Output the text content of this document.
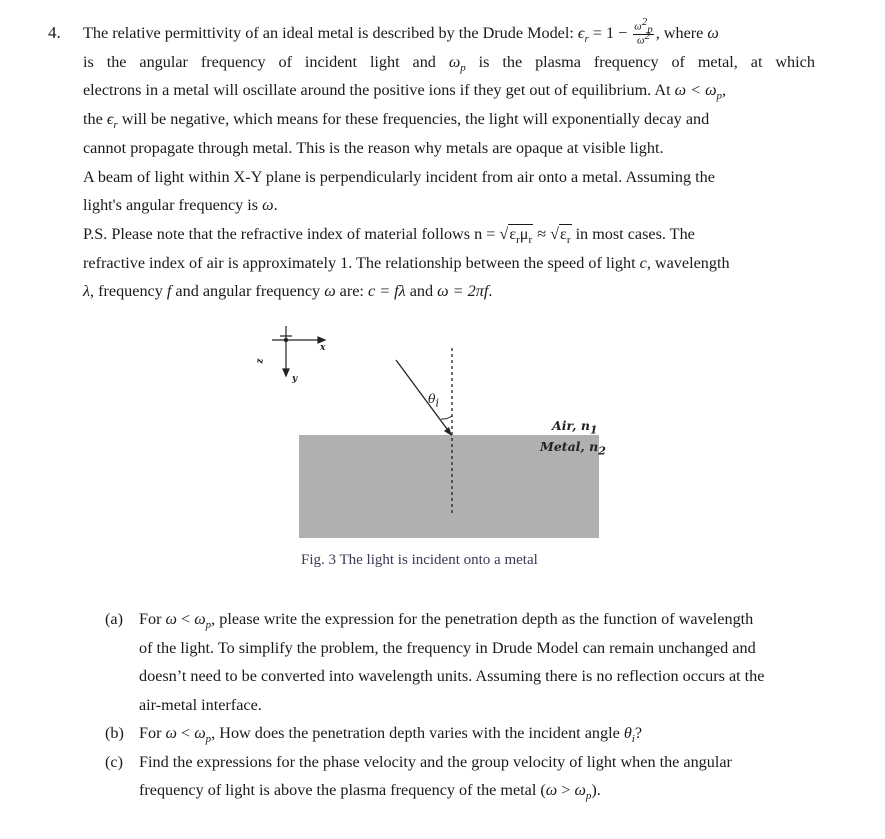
4. The relative permittivity of an ideal metal is described by the Drude Model: $\epsilon_r = 1 - \frac{\omega^2_p}{\omega^2}$ , where ω
is the angular frequency of incident light and $\omega_p$ is the plasma frequency of metal, at which
electrons in a metal will oscillate around the positive ions if they get out of equilibrium. At $\omega < \omega_p$,
the $\epsilon_r$ will be negative, which means for these frequencies, the light will exponentially decay and
cannot propagate through metal. This is the reason why metals are opaque at visible light.
A beam of light within X-Y plane is perpendicularly incident from air onto a metal. Assuming the
light's angular frequency is ω.
P.S. Please note that the refractive index of material follows $n = √\varepsilon_r\mu_r \approx √\varepsilon_r$ in most cases. The
refractive index of air is approximately 1. The relationship between the speed of light c, wavelength
λ, frequency f and angular frequency ω are: c = fλ and ω = 2πf.
x
y
z
$\theta_i$
Air, $n_1$
Metal, $n_2$
Fig. 3 The light is incident onto a metal
(a) For $\omega < \omega_p$, please write the expression for the penetration depth as the function of wavelength
of the light. To simplify the problem, the frequency in Drude Model can remain unchanged and
doesn’t need to be converted into wavelength units. Assuming there is no reflection occurs at the
air-metal interface.
(b) For $\omega < \omega_p$, How does the penetration depth varies with the incident angle $\theta_i$?
(c) Find the expressions for the phase velocity and the group velocity of light when the angular
frequency of light is above the plasma frequency of the metal $(\omega > \omega_p)$.
